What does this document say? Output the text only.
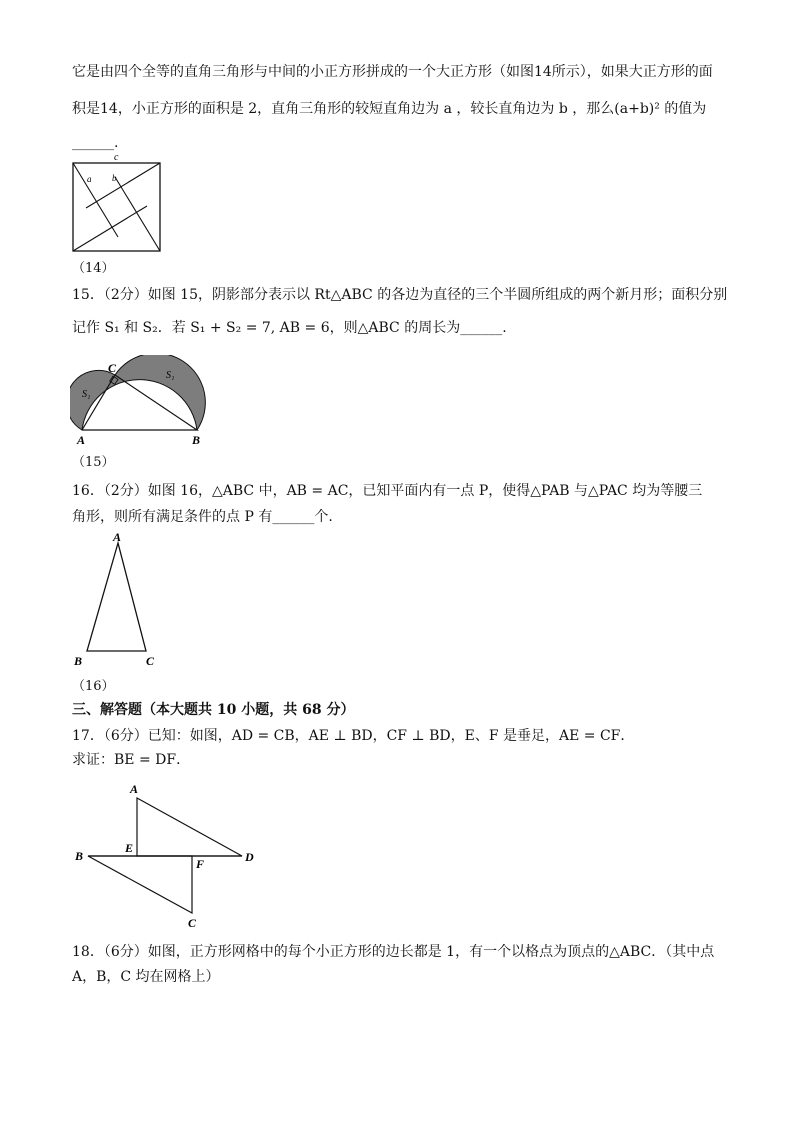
它是由四个全等的直角三角形与中间的小正方形拼成的一个大正方形（如图14所示），如果大正方形的面
积是14，小正方形的面积是 2，直角三角形的较短直角边为 a ，较长直角边为 b ，那么(a+b)² 的值为
______.
c
a b
（14）
15．（2分）如图 15，阴影部分表示以 Rt△ABC 的各边为直径的三个半圆所组成的两个新月形；面积分别
记作 S₁ 和 S₂．若 S₁ + S₂ = 7, AB = 6，则△ABC 的周长为______.
A	B
C
S₁
S₁
（15）
16．（2分）如图 16，△ABC 中，AB = AC，已知平面内有一点 P，使得△PAB 与△PAC 均为等腰三
角形，则所有满足条件的点 P 有______个.
A
B	C
（16）
三、解答题（本大题共 10 小题，共 68 分）
17．（6分）已知：如图，AD = CB，AE ⊥ BD，CF ⊥ BD，E、F 是垂足，AE = CF．
求证：BE = DF．
A
B
E
F	D
C
18．（6分）如图，正方形网格中的每个小正方形的边长都是 1，有一个以格点为顶点的△ABC．（其中点
A，B，C 均在网格上）
